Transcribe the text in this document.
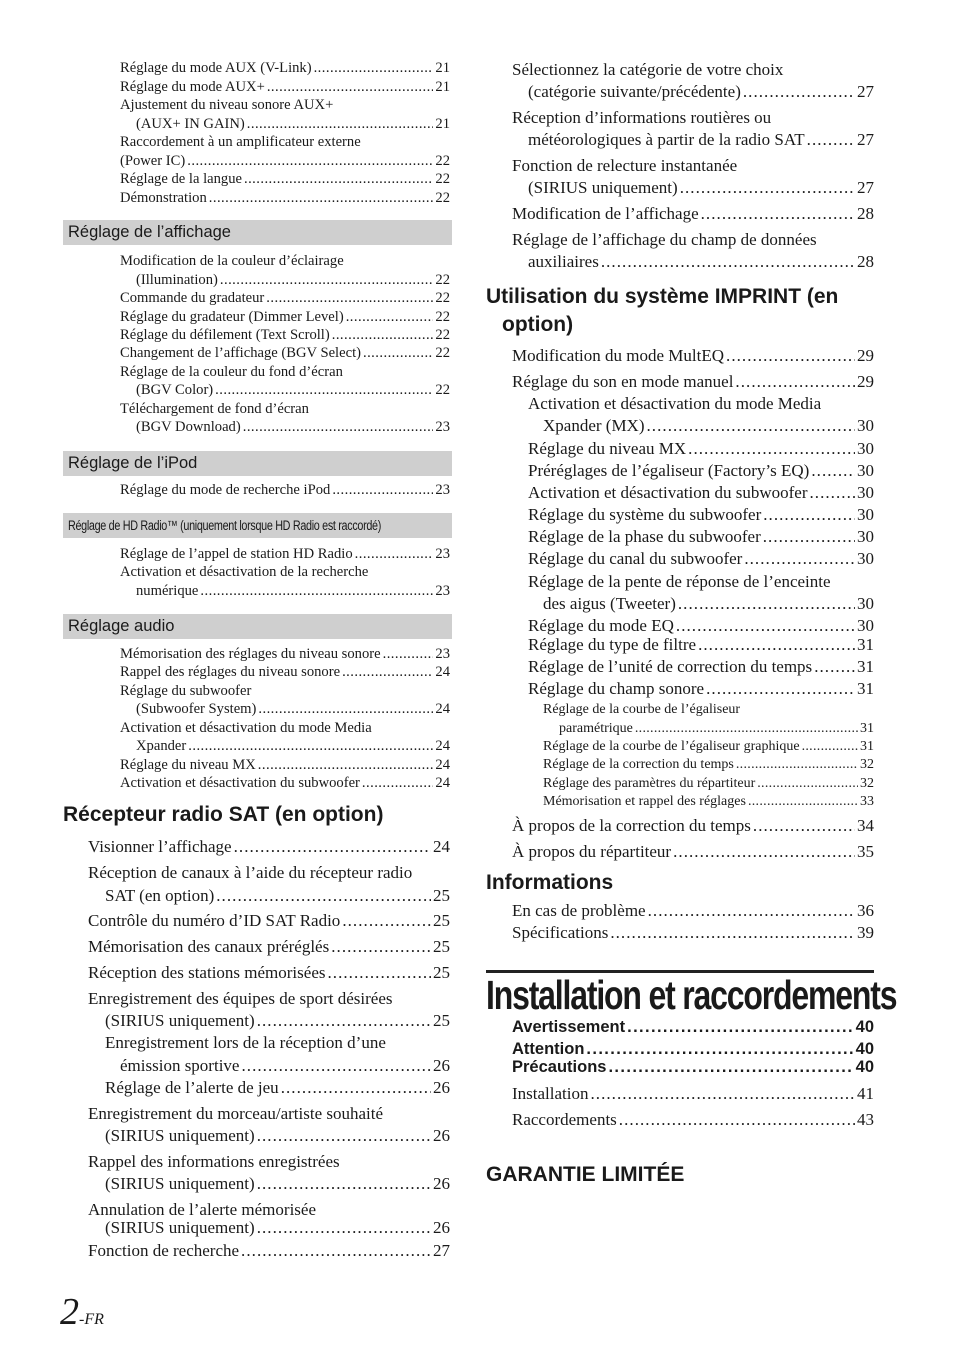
Réglage du mode AUX (V-Link) . . .	21
Réglage du mode AUX+ . . .	21
Ajustement du niveau sonore AUX+
(AUX+ IN GAIN) . . .	21
Raccordement à un amplificateur externe
(Power IC) . . .	22
Réglage de la langue . . .	22
Démonstration . . .	22
Réglage de l’affichage
Modification de la couleur d’éclairage
(Illumination) . . .	22
Commande du gradateur . . .	22
Réglage du gradateur (Dimmer Level) . . .	22
Réglage du défilement (Text Scroll) . . .	22
Changement de l’affichage (BGV Select) . . .	22
Réglage de la couleur du fond d’écran
(BGV Color) . . .	22
Téléchargement de fond d’écran
(BGV Download) . . .	23
Réglage de l’iPod
Réglage du mode de recherche iPod . . .	23
Réglage de HD Radio™ (uniquement lorsque HD Radio est raccordé)
Réglage de l’appel de station HD Radio . . .	23
Activation et désactivation de la recherche
numérique . . .	23
Réglage audio
Mémorisation des réglages du niveau sonore . . .	23
Rappel des réglages du niveau sonore . . .	24
Réglage du subwoofer
(Subwoofer System) . . .	24
Activation et désactivation du mode Media
Xpander . . .	24
Réglage du niveau MX . . .	24
Activation et désactivation du subwoofer . . .	24
Récepteur radio SAT (en option)
Visionner l’affichage . . .	24
Réception de canaux à l’aide du récepteur radio
SAT (en option) . . .	25
Contrôle du numéro d’ID SAT Radio . . .	25
Mémorisation des canaux préréglés . . .	25
Réception des stations mémorisées . . .	25
Enregistrement des équipes de sport désirées
(SIRIUS uniquement) . . .	25
Enregistrement lors de la réception d’une
émission sportive . . .	26
Réglage de l’alerte de jeu . . .	26
Enregistrement du morceau/artiste souhaité
(SIRIUS uniquement) . . .	26
Rappel des informations enregistrées
(SIRIUS uniquement) . . .	26
Annulation de l’alerte mémorisée
(SIRIUS uniquement) . . .	26
Fonction de recherche . . .	27
Sélectionnez la catégorie de votre choix
(catégorie suivante/précédente) . . .	27
Réception d’informations routières ou
météorologiques à partir de la radio SAT . . .	27
Fonction de relecture instantanée
(SIRIUS uniquement) . . .	27
Modification de l’affichage . . .	28
Réglage de l’affichage du champ de données
auxiliaires . . .	28
Utilisation du système IMPRINT (en
option)
Modification du mode MultEQ . . .	29
Réglage du son en mode manuel . . .	29
Activation et désactivation du mode Media
Xpander (MX) . . .	30
Réglage du niveau MX . . .	30
Préréglages de l’égaliseur (Factory’s EQ) . . .	30
Activation et désactivation du subwoofer . . .	30
Réglage du système du subwoofer . . .	30
Réglage de la phase du subwoofer . . .	30
Réglage du canal du subwoofer . . .	30
Réglage de la pente de réponse de l’enceinte
des aigus (Tweeter) . . .	30
Réglage du mode EQ . . .	30
Réglage du type de filtre . . .	31
Réglage de l’unité de correction du temps . . .	31
Réglage du champ sonore . . .	31
Réglage de la courbe de l’égaliseur
paramétrique . . .	31
Réglage de la courbe de l’égaliseur graphique . . .	31
Réglage de la correction du temps . . .	32
Réglage des paramètres du répartiteur . . .	32
Mémorisation et rappel des réglages . . .	33
À propos de la correction du temps . . .	34
À propos du répartiteur . . .	35
Informations
En cas de problème . . .	36
Spécifications . . .	39
Installation et raccordements
Avertissement . . .	40
Attention . . .	40
Précautions . . .	40
Installation . . .	41
Raccordements . . .	43
GARANTIE LIMITÉE
2-FR
